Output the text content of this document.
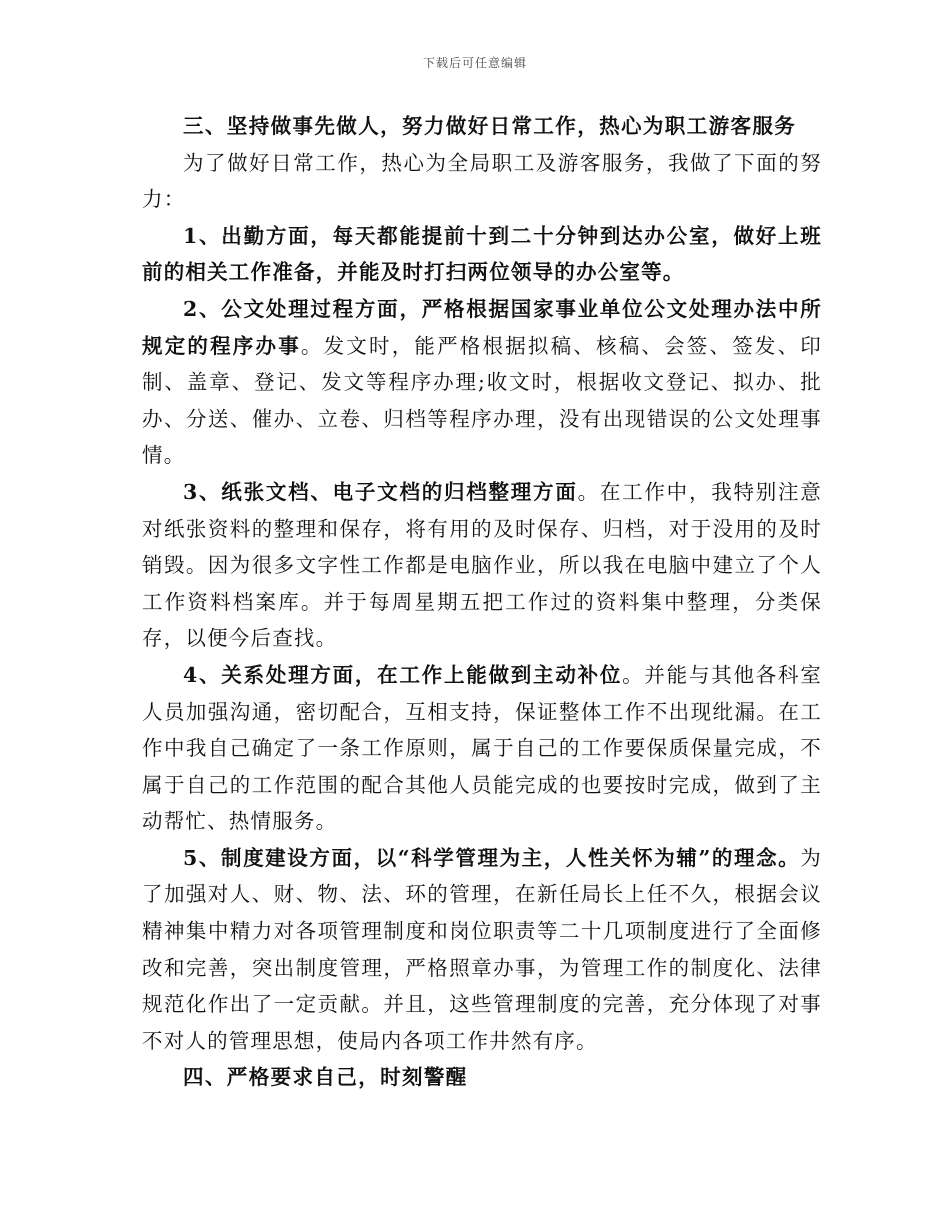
下载后可任意编辑

三、坚持做事先做人，努力做好日常工作，热心为职工游客服务

为了做好日常工作，热心为全局职工及游客服务，我做了下面的努力：

1、出勤方面，每天都能提前十到二十分钟到达办公室，做好上班前的相关工作准备，并能及时打扫两位领导的办公室等。

2、公文处理过程方面，严格根据国家事业单位公文处理办法中所规定的程序办事。发文时，能严格根据拟稿、核稿、会签、签发、印制、盖章、登记、发文等程序办理;收文时，根据收文登记、拟办、批办、分送、催办、立卷、归档等程序办理，没有出现错误的公文处理事情。

3、纸张文档、电子文档的归档整理方面。在工作中，我特别注意对纸张资料的整理和保存，将有用的及时保存、归档，对于没用的及时销毁。因为很多文字性工作都是电脑作业，所以我在电脑中建立了个人工作资料档案库。并于每周星期五把工作过的资料集中整理，分类保存，以便今后查找。

4、关系处理方面，在工作上能做到主动补位。并能与其他各科室人员加强沟通，密切配合，互相支持，保证整体工作不出现纰漏。在工作中我自己确定了一条工作原则，属于自己的工作要保质保量完成，不属于自己的工作范围的配合其他人员能完成的也要按时完成，做到了主动帮忙、热情服务。

5、制度建设方面，以“科学管理为主，人性关怀为辅”的理念。为了加强对人、财、物、法、环的管理，在新任局长上任不久，根据会议精神集中精力对各项管理制度和岗位职责等二十几项制度进行了全面修改和完善，突出制度管理，严格照章办事，为管理工作的制度化、法律规范化作出了一定贡献。并且，这些管理制度的完善，充分体现了对事不对人的管理思想，使局内各项工作井然有序。

四、严格要求自己，时刻警醒
